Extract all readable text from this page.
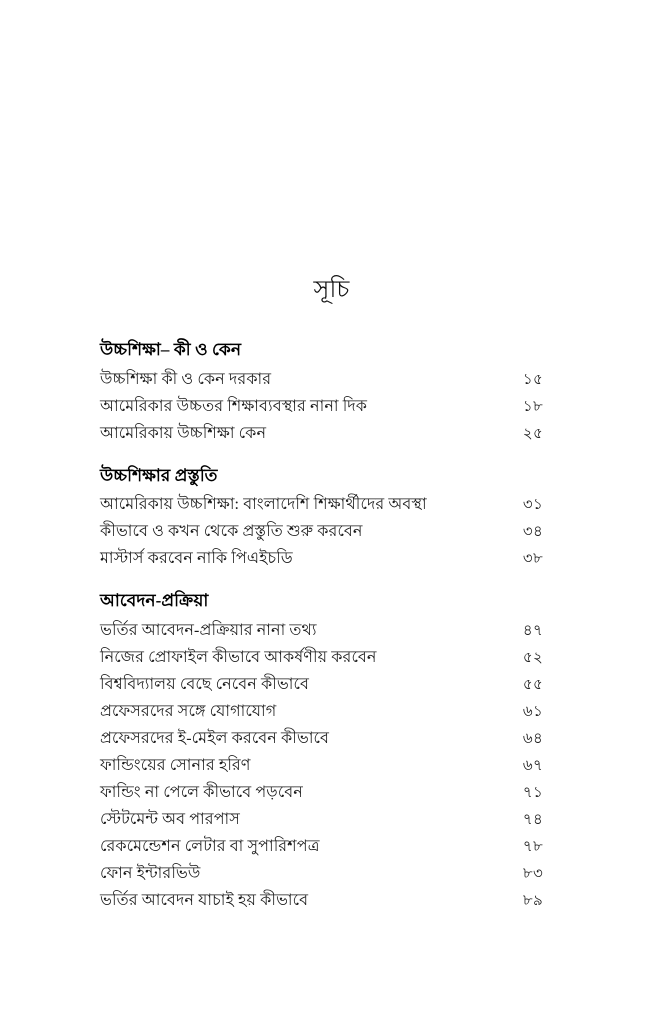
সূচি
উচ্চশিক্ষা– কী ও কেন
উচ্চশিক্ষা কী ও কেন দরকার	১৫
আমেরিকার উচ্চতর শিক্ষাব্যবস্থার নানা দিক	১৮
আমেরিকায় উচ্চশিক্ষা কেন	২৫
উচ্চশিক্ষার প্রস্তুতি
আমেরিকায় উচ্চশিক্ষা: বাংলাদেশি শিক্ষার্থীদের অবস্থা	৩১
কীভাবে ও কখন থেকে প্রস্তুতি শুরু করবেন	৩৪
মাস্টার্স করবেন নাকি পিএইচডি	৩৮
আবেদন-প্রক্রিয়া
ভর্তির আবেদন-প্রক্রিয়ার নানা তথ্য	৪৭
নিজের প্রোফাইল কীভাবে আকর্ষণীয় করবেন	৫২
বিশ্ববিদ্যালয় বেছে নেবেন কীভাবে	৫৫
প্রফেসরদের সঙ্গে যোগাযোগ	৬১
প্রফেসরদের ই-মেইল করবেন কীভাবে	৬৪
ফান্ডিংয়ের সোনার হরিণ	৬৭
ফান্ডিং না পেলে কীভাবে পড়বেন	৭১
স্টেটমেন্ট অব পারপাস	৭৪
রেকমেন্ডেশন লেটার বা সুপারিশপত্র	৭৮
ফোন ইন্টারভিউ	৮৩
ভর্তির আবেদন যাচাই হয় কীভাবে	৮৯
